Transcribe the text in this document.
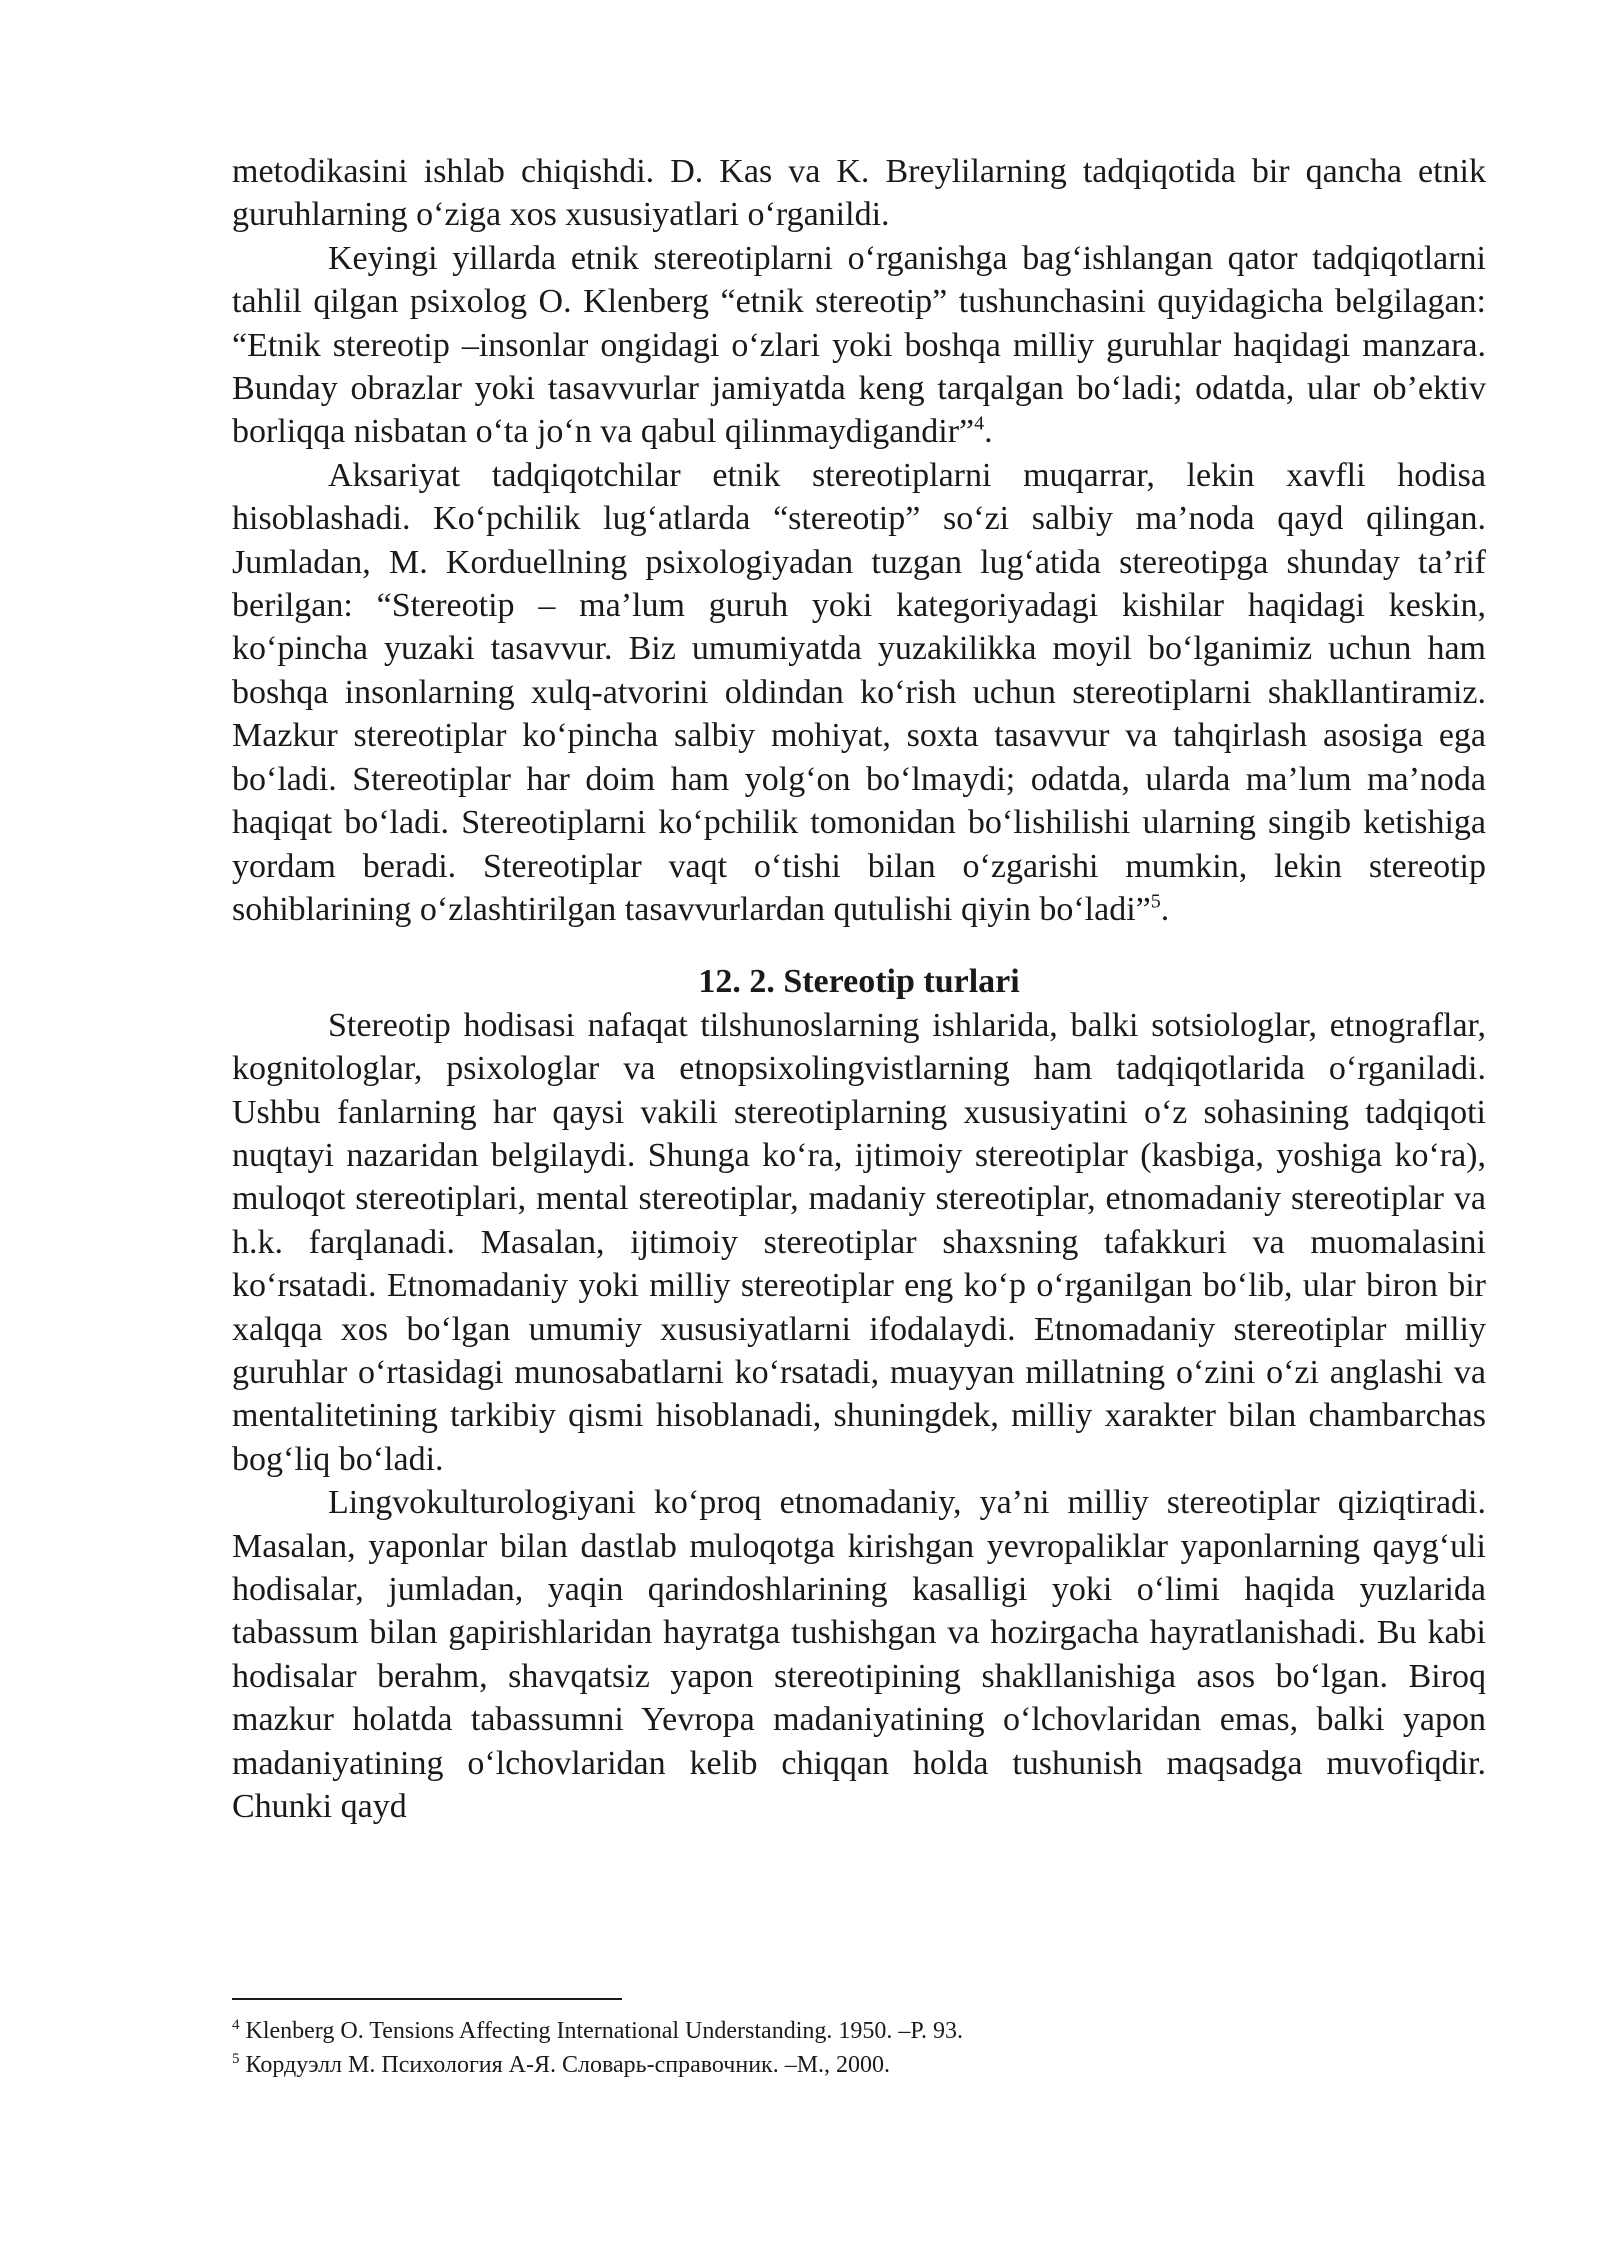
metodikasini ishlab chiqishdi. D. Kas va K. Breylilarning tadqiqotida bir qancha etnik guruhlarning o‘ziga xos xususiyatlari o‘rganildi.

Keyingi yillarda etnik stereotiplarni o‘rganishga bag‘ishlangan qator tadqiqotlarni tahlil qilgan psixolog O. Klenberg “etnik stereotip” tushunchasini quyidagicha belgilagan: “Etnik stereotip –insonlar ongidagi o‘zlari yoki boshqa milliy guruhlar haqidagi manzara. Bunday obrazlar yoki tasavvurlar jamiyatda keng tarqalgan bo‘ladi; odatda, ular ob’ektiv borliqqa nisbatan o‘ta jo‘n va qabul qilinmaydigandir”$^4$.

Aksariyat tadqiqotchilar etnik stereotiplarni muqarrar, lekin xavfli hodisa hisoblashadi. Ko‘pchilik lug‘atlarda “stereotip” so‘zi salbiy ma’noda qayd qilingan. Jumladan, M. Korduellning psixologiyadan tuzgan lug‘atida stereotipga shunday ta’rif berilgan: “Stereotip – ma’lum guruh yoki kategoriyadagi kishilar haqidagi keskin, ko‘pincha yuzaki tasavvur. Biz umumiyatda yuzakilikka moyil bo‘lganimiz uchun ham boshqa insonlarning xulq-atvorini oldindan ko‘rish uchun stereotiplarni shakllantiramiz. Mazkur stereotiplar ko‘pincha salbiy mohiyat, soxta tasavvur va tahqirlash asosiga ega bo‘ladi. Stereotiplar har doim ham yolg‘on bo‘lmaydi; odatda, ularda ma’lum ma’noda haqiqat bo‘ladi. Stereotiplarni ko‘pchilik tomonidan bo‘lishilishi ularning singib ketishiga yordam beradi. Stereotiplar vaqt o‘tishi bilan o‘zgarishi mumkin, lekin stereotip sohiblarining o‘zlashtirilgan tasavvurlardan qutulishi qiyin bo‘ladi”$^5$.

12. 2. Stereotip turlari

Stereotip hodisasi nafaqat tilshunoslarning ishlarida, balki sotsiologlar, etnograflar, kognitologlar, psixologlar va etnopsixolingvistlarning ham tadqiqotlarida o‘rganiladi. Ushbu fanlarning har qaysi vakili stereotiplarning xususiyatini o‘z sohasining tadqiqoti nuqtayi nazaridan belgilaydi. Shunga ko‘ra, ijtimoiy stereotiplar (kasbiga, yoshiga ko‘ra), muloqot stereotiplari, mental stereotiplar, madaniy stereotiplar, etnomadaniy stereotiplar va h.k. farqlanadi. Masalan, ijtimoiy stereotiplar shaxsning tafakkuri va muomalasini ko‘rsatadi. Etnomadaniy yoki milliy stereotiplar eng ko‘p o‘rganilgan bo‘lib, ular biron bir xalqqa xos bo‘lgan umumiy xususiyatlarni ifodalaydi. Etnomadaniy stereotiplar milliy guruhlar o‘rtasidagi munosabatlarni ko‘rsatadi, muayyan millatning o‘zini o‘zi anglashi va mentalitetining tarkibiy qismi hisoblanadi, shuningdek, milliy xarakter bilan chambarchas bog‘liq bo‘ladi.

Lingvokulturologiyani ko‘proq etnomadaniy, ya’ni milliy stereotiplar qiziqtiradi. Masalan, yaponlar bilan dastlab muloqotga kirishgan yevropaliklar yaponlarning qayg‘uli hodisalar, jumladan, yaqin qarindoshlarining kasalligi yoki o‘limi haqida yuzlarida tabassum bilan gapirishlaridan hayratga tushishgan va hozirgacha hayratlanishadi. Bu kabi hodisalar berahm, shavqatsiz yapon stereotipining shakllanishiga asos bo‘lgan. Biroq mazkur holatda tabassumni Yevropa madaniyatining o‘lchovlaridan emas, balki yapon madaniyatining o‘lchovlaridan kelib chiqqan holda tushunish maqsadga muvofiqdir. Chunki qayd

$^4$ Klenberg O. Tensions Affecting International Understanding. 1950. –P. 93.

$^5$ Кордуэлл М. Психология А-Я. Словарь-справочник. –М., 2000.
